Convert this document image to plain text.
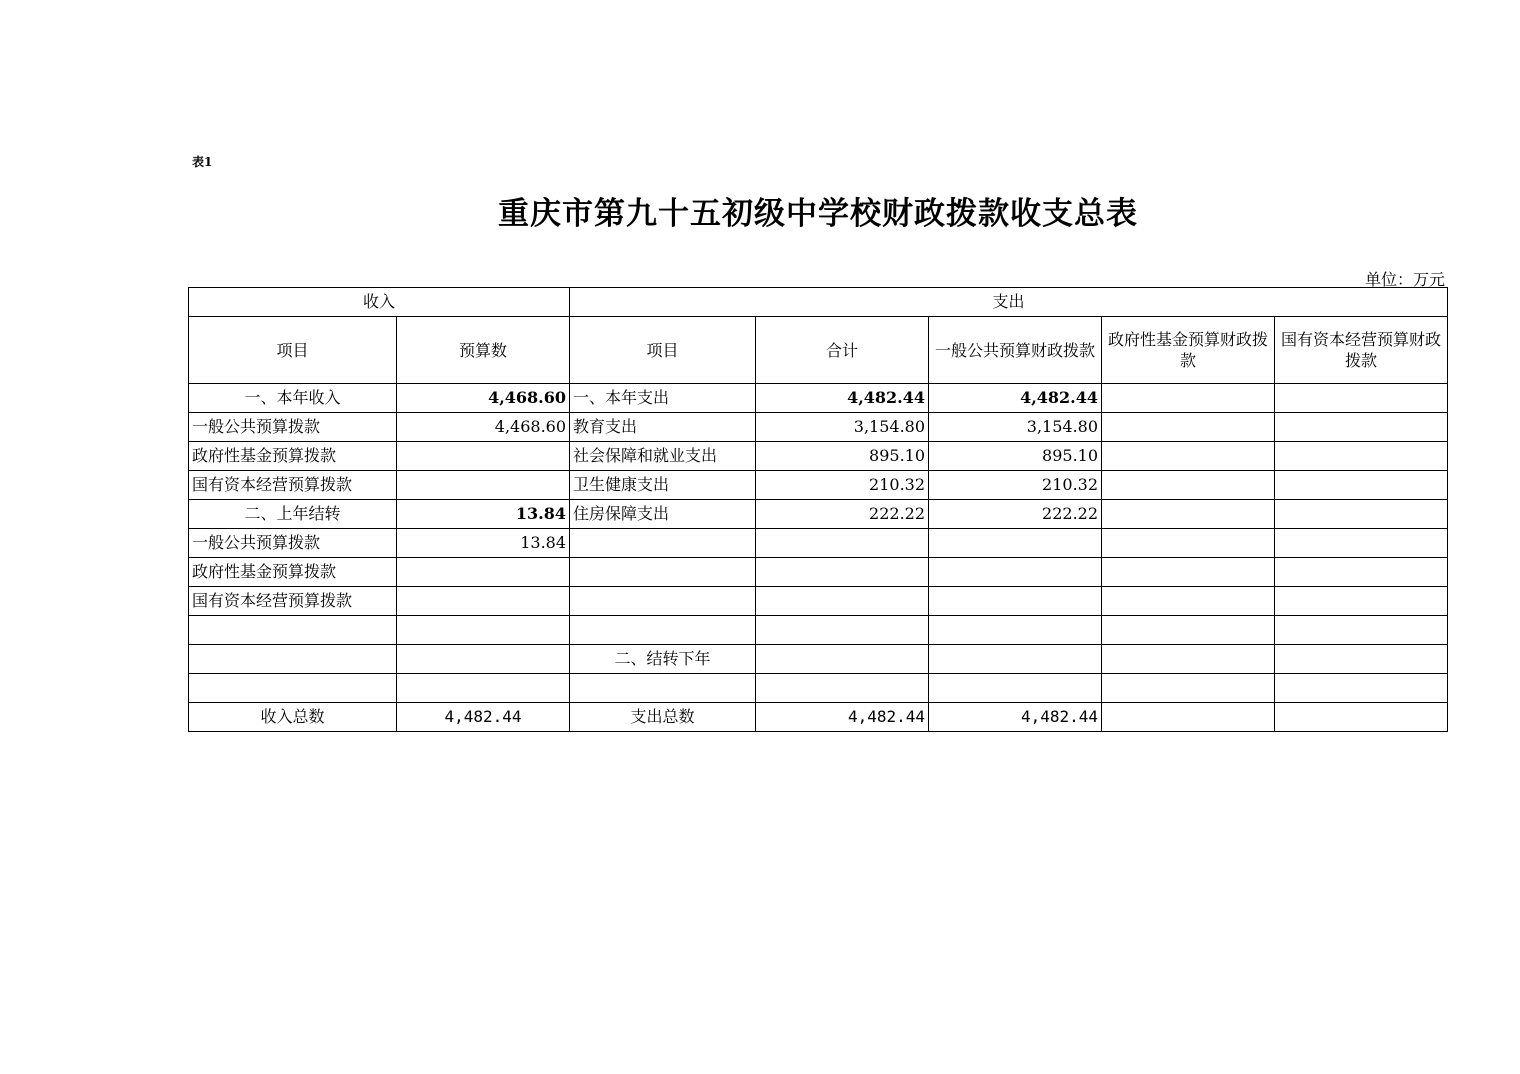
表1
重庆市第九十五初级中学校财政拨款收支总表
单位：万元
收入		支出				
项目	预算数	项目	合计	一般公共预算财政拨款	政府性基金预算财政拨款	国有资本经营预算财政拨款
一、本年收入	4,468.60	一、本年支出	4,482.44	4,482.44		
一般公共预算拨款	4,468.60	教育支出	3,154.80	3,154.80		
政府性基金预算拨款		社会保障和就业支出	895.10	895.10		
国有资本经营预算拨款		卫生健康支出	210.32	210.32		
二、上年结转	13.84	住房保障支出	222.22	222.22		
一般公共预算拨款	13.84					
政府性基金预算拨款						
国有资本经营预算拨款						

		二、结转下年				

收入总数	4,482.44	支出总数	4,482.44	4,482.44		
